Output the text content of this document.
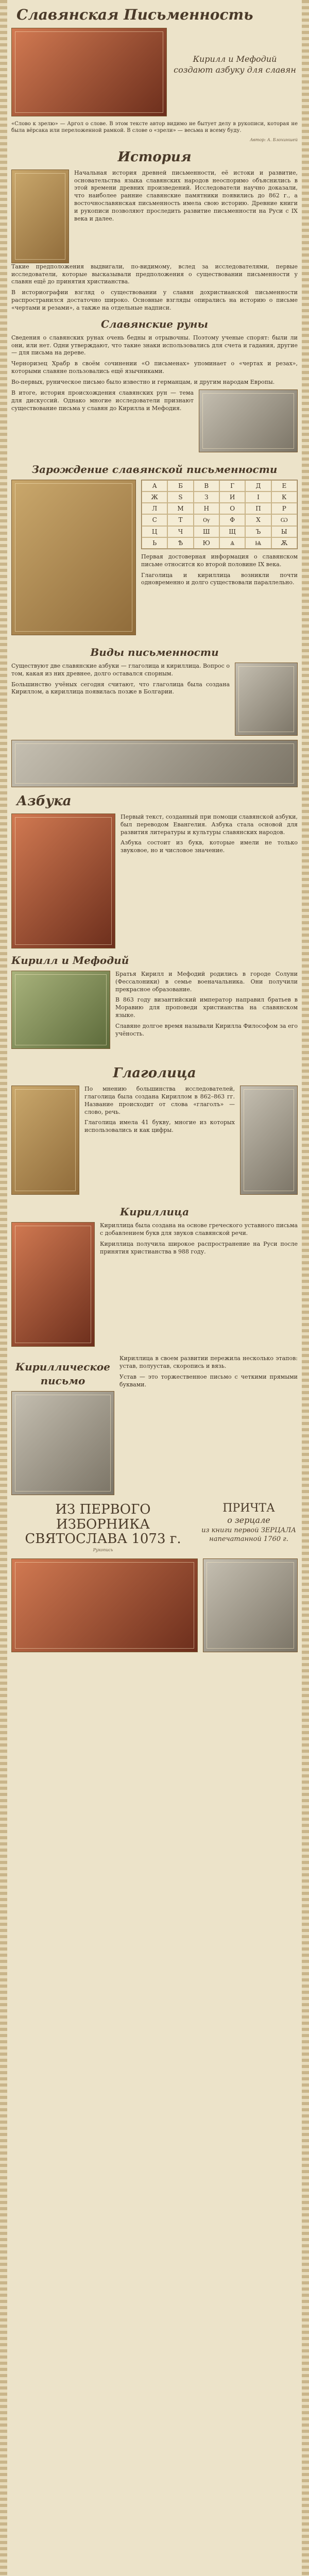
Славянская Письменность
Кирилл и Мефодий создают азбуку для славян

«Слово к зрелю» — Аргол о слове. В этом тексте автор видимо не бытует делу в рукописи, которая не была вёрсака или переложенной рамкой. В слове о «зрели» — весьма и всему буду.

Автор: А. Блохиншей
История

Начальная история древней письменности, её истоки и развитие, основательства языка славянских народов неоспоримо объяснились в этой времени древних произведений. Исследователи научно доказали, что наиболее ранние славянские памятники появились до 862 г., а восточнославянская письменность имела свою историю. Древние книги и рукописи позволяют проследить развитие письменности на Руси с IX века и далее.

Такие предположения выдвигали, по-видимому, вслед за исследователями, первые исследователи, которые высказывали предположения о существовании письменности у славян ещё до принятия христианства.

В историографии взгляд о существовании у славян дохристианской письменности распространился достаточно широко. Основные взгляды опирались на историю о письме «чертами и резами», а также на отдельные надписи.

Славянские руны

Сведения о славянских рунах очень бедны и отрывочны. Поэтому ученые спорят: были ли они, или нет. Одни утверждают, что такие знаки использовались для счета и гадания, другие — для письма на дереве.

Черноризец Храбр в своём сочинении «О письменах» упоминает о «чертах и резах», которыми славяне пользовались ещё язычниками.

Во-первых, руническое письмо было известно и германцам, и другим народам Европы.

В итоге, история происхождения славянских рун — тема для дискуссий. Однако многие исследователи признают существование письма у славян до Кирилла и Мефодия.

Зарождение славянской письменности
А	Б	В	Г	Д	Е
Ж	Ѕ	З	И	І	К
Л	М	Н	О	П	Р
С	Т	Ѹ	Ф	Х	Ѡ
Ц	Ч	Ш	Щ	Ъ	Ы
Ь	Ѣ	Ю	Ѧ	Ѩ	Ѫ

Первая достоверная информация о славянском письме относится ко второй половине IX века.

Глаголица и кириллица возникли почти одновременно и долго существовали параллельно.

Виды письменности

Существуют две славянские азбуки — глаголица и кириллица. Вопрос о том, какая из них древнее, долго оставался спорным.

Большинство учёных сегодня считают, что глаголица была создана Кириллом, а кириллица появилась позже в Болгарии.

Азбука

Первый текст, созданный при помощи славянской азбуки, был переводом Евангелия. Азбука стала основой для развития литературы и культуры славянских народов.

Азбука состоит из букв, которые имели не только звуковое, но и числовое значение.

Кирилл и Мефодий

Братья Кирилл и Мефодий родились в городе Солуни (Фессалоники) в семье военачальника. Они получили прекрасное образование.

В 863 году византийский император направил братьев в Моравию для проповеди христианства на славянском языке.

Славяне долгое время называли Кирилла Философом за его учёность.

Глаголица

По мнению большинства исследователей, глаголица была создана Кириллом в 862–863 гг. Название происходит от слова «глаголъ» — слово, речь.

Глаголица имела 41 букву, многие из которых использовались и как цифры.

Кириллица

Кириллица была создана на основе греческого уставного письма с добавлением букв для звуков славянской речи.

Кириллица получила широкое распространение на Руси после принятия христианства в 988 году.

Кириллическое письмо

Кириллица в своем развитии пережила несколько этапов: устав, полуустав, скоропись и вязь.

Устав — это торжественное письмо с четкими прямыми буквами.

ИЗ ПЕРВОГО ИЗБОРНИКА СВЯТОСЛАВА 1073 г.
Рукопись
ПРИЧТА
о зерцале
из книги первой ЗЕРЦАЛА напечатанной 1760 г.
